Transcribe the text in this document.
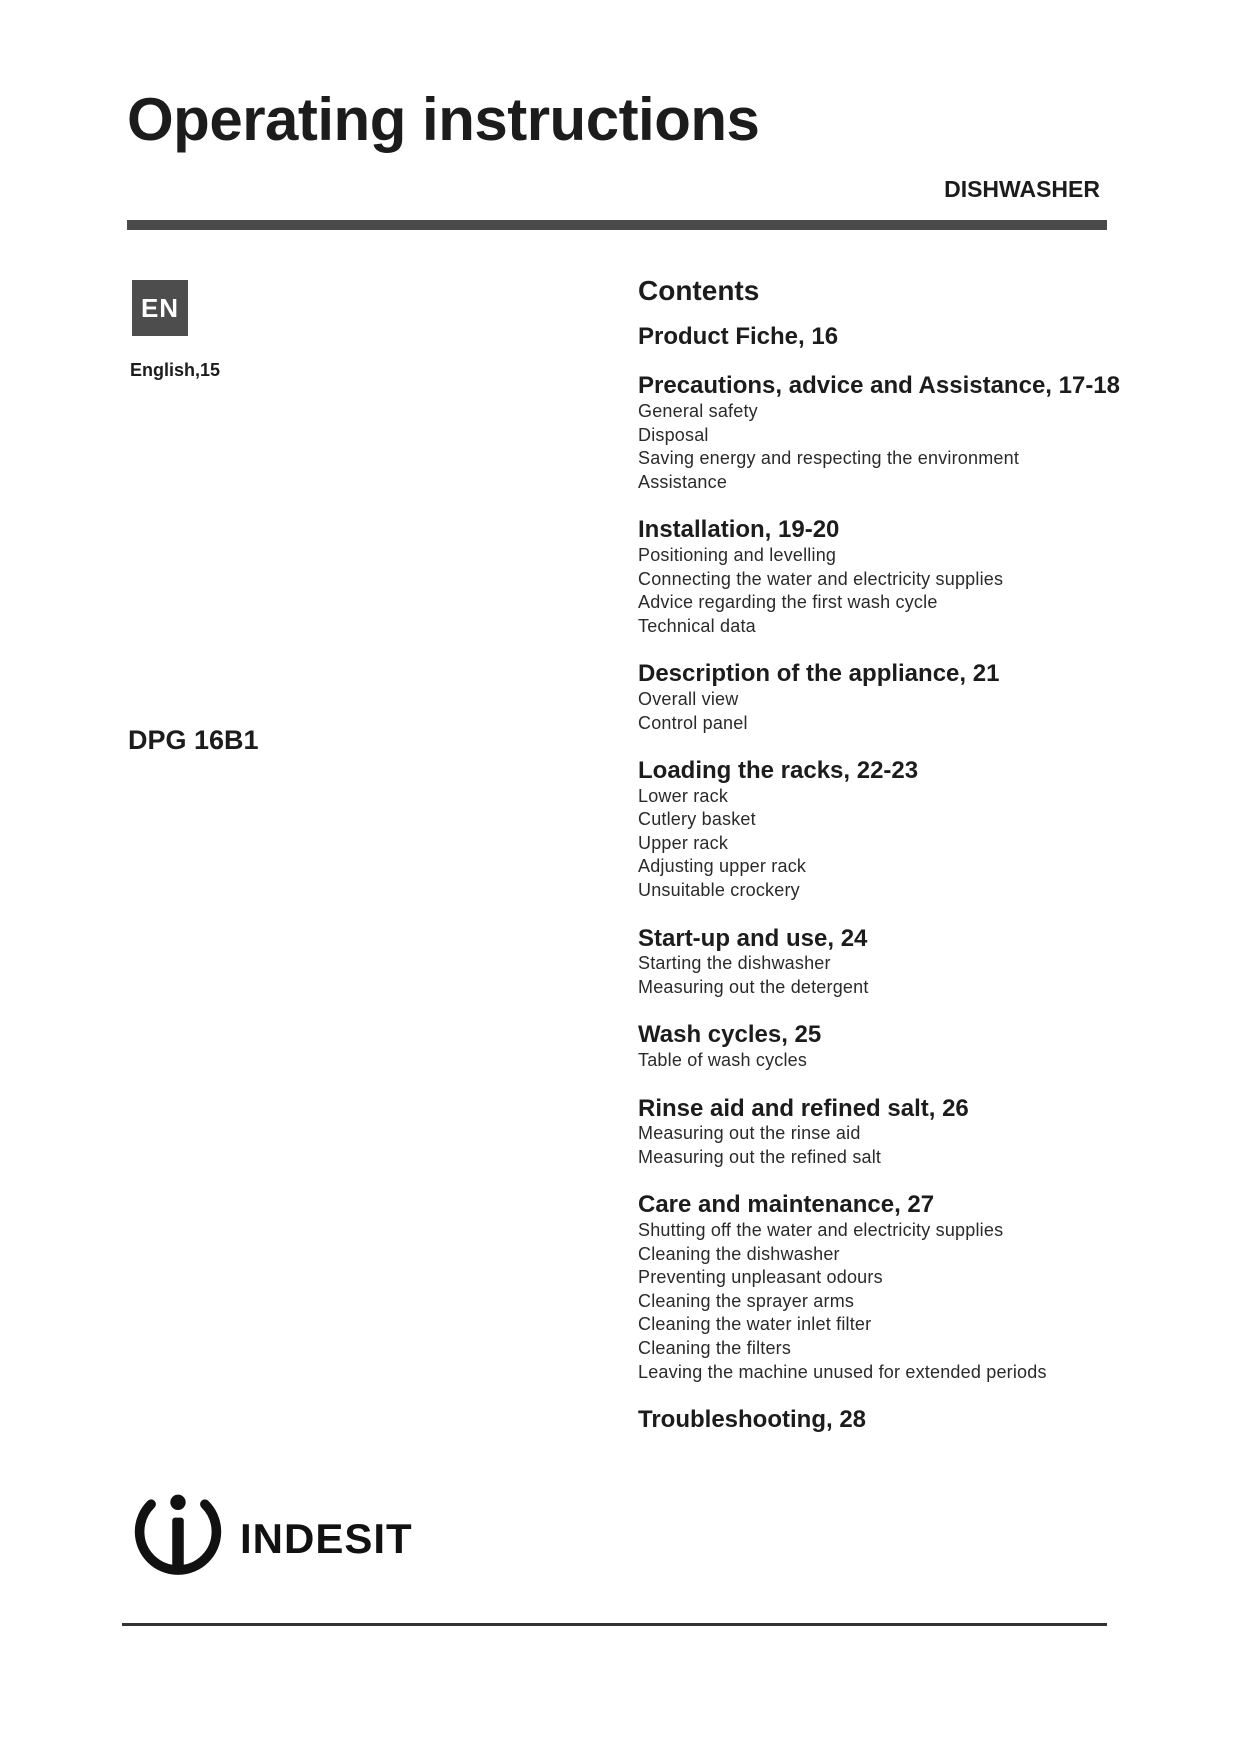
Operating instructions
DISHWASHER
EN
English,15
DPG 16B1
Contents
Product Fiche, 16
Precautions, advice and Assistance, 17-18
General safety
Disposal
Saving energy and respecting the environment
Assistance
Installation, 19-20
Positioning and levelling
Connecting the water and electricity supplies
Advice regarding the first wash cycle
Technical data
Description of the appliance, 21
Overall view
Control panel
Loading the racks, 22-23
Lower rack
Cutlery basket
Upper rack
Adjusting upper rack
Unsuitable crockery
Start-up and use, 24
Starting the dishwasher
Measuring out the detergent
Wash cycles, 25
Table of wash cycles
Rinse aid and refined salt, 26
Measuring out the rinse aid
Measuring out the refined salt
Care and maintenance, 27
Shutting off the water and electricity supplies
Cleaning the dishwasher
Preventing unpleasant odours
Cleaning the sprayer arms
Cleaning the water inlet filter
Cleaning the filters
Leaving the machine unused for extended periods
Troubleshooting, 28
indesit
